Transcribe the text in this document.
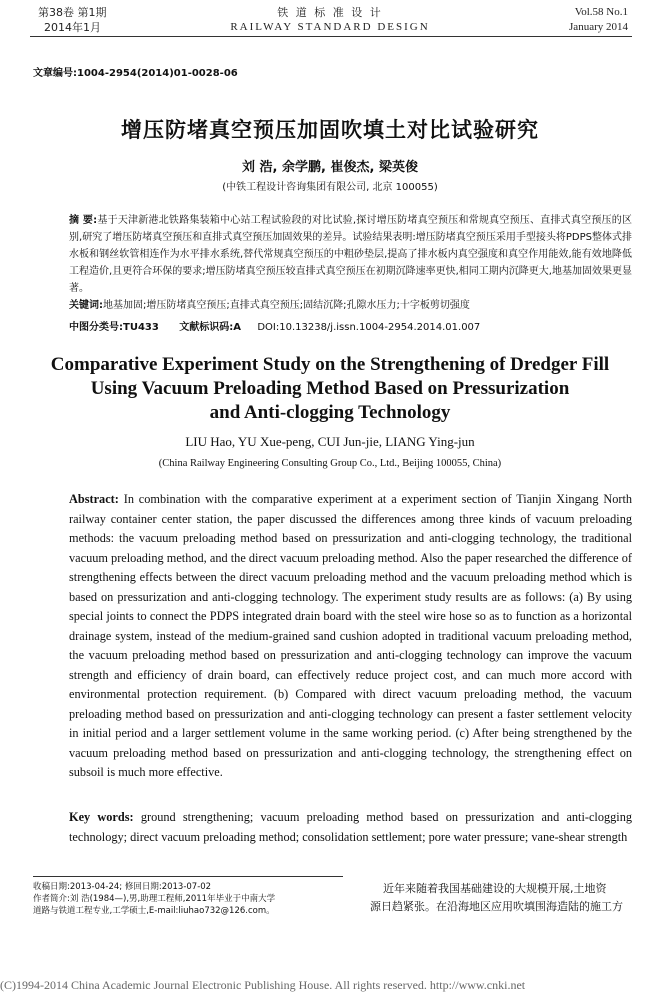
第38卷 第1期
2014年1月
铁 道 标 准 设 计
RAILWAY STANDARD DESIGN
Vol.58 No.1
January 2014
文章编号:1004-2954(2014)01-0028-06
增压防堵真空预压加固吹填土对比试验研究
刘 浩, 余学鹏, 崔俊杰, 梁英俊
(中铁工程设计咨询集团有限公司, 北京 100055)
摘 要:基于天津新港北铁路集装箱中心站工程试验段的对比试验,探讨增压防堵真空预压和常规真空预压、直排式真空预压的区别,研究了增压防堵真空预压和直排式真空预压加固效果的差异。试验结果表明:增压防堵真空预压采用手型接头将PDPS整体式排水板和钢丝软管相连作为水平排水系统,替代常规真空预压的中粗砂垫层,提高了排水板内真空强度和真空作用能效,能有效地降低工程造价,且更符合环保的要求;增压防堵真空预压较直排式真空预压在初期沉降速率更快,相同工期内沉降更大,地基加固效果更显著。
关键词:地基加固;增压防堵真空预压;直排式真空预压;固结沉降;孔隙水压力;十字板剪切强度
中图分类号:TU433 文献标识码:A DOI:10.13238/j.issn.1004-2954.2014.01.007
Comparative Experiment Study on the Strengthening of Dredger Fill
Using Vacuum Preloading Method Based on Pressurization
and Anti-clogging Technology
LIU Hao, YU Xue-peng, CUI Jun-jie, LIANG Ying-jun
(China Railway Engineering Consulting Group Co., Ltd., Beijing 100055, China)
Abstract: In combination with the comparative experiment at a experiment section of Tianjin Xingang North railway container center station, the paper discussed the differences among three kinds of vacuum preloading methods: the vacuum preloading method based on pressurization and anti-clogging technology, the traditional vacuum preloading method, and the direct vacuum preloading method. Also the paper researched the difference of strengthening effects between the direct vacuum preloading method and the vacuum preloading method which is based on pressurization and anti-clogging technology. The experiment study results are as follows: (a) By using special joints to connect the PDPS integrated drain board with the steel wire hose so as to function as a horizontal drainage system, instead of the medium-grained sand cushion adopted in traditional vacuum preloading method, the vacuum preloading method based on pressurization and anti-clogging technology can improve the vacuum strength and efficiency of drain board, can effectively reduce project cost, and can much more accord with environmental protection requirement. (b) Compared with direct vacuum preloading method, the vacuum preloading method based on pressurization and anti-clogging technology can present a faster settlement velocity in initial period and a larger settlement volume in the same working period. (c) After being strengthened by the vacuum preloading method based on pressurization and anti-clogging technology, the strengthening effect on subsoil is much more effective.
Key words: ground strengthening; vacuum preloading method based on pressurization and anti-clogging technology; direct vacuum preloading method; consolidation settlement; pore water pressure; vane-shear strength
收稿日期:2013-04-24; 修回日期:2013-07-02
作者简介:刘 浩(1984—),男,助理工程师,2011年毕业于中南大学
道路与铁道工程专业,工学硕士,E-mail:liuhao732@126.com。
近年来随着我国基础建设的大规模开展,土地资
源日趋紧张。在沿海地区应用吹填围海造陆的施工方
(C)1994-2014 China Academic Journal Electronic Publishing House. All rights reserved. http://www.cnki.net
